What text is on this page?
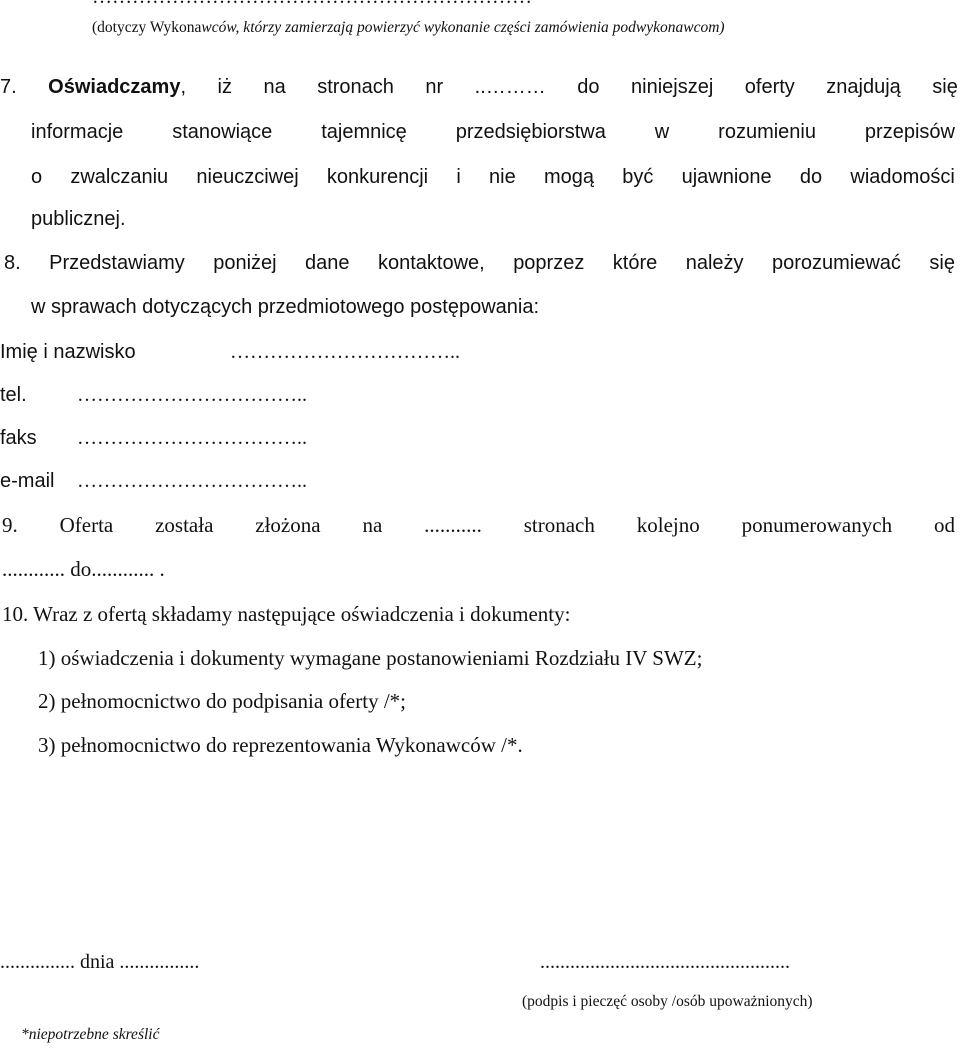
(dotyczy Wykonawców, którzy zamierzają powierzyć wykonanie części zamówienia podwykonawcom)
7. Oświadczamy, iż na stronach nr ..……… do niniejszej oferty znajdują się
informacje stanowiące tajemnicę przedsiębiorstwa w rozumieniu przepisów
o zwalczaniu nieuczciwej konkurencji i nie mogą być ujawnione do wiadomości
publicznej.
8. Przedstawiamy poniżej dane kontaktowe, poprzez które należy porozumiewać się
w sprawach dotyczących przedmiotowego postępowania:
Imię i nazwisko	……………………………..
tel.	……………………………..
faks ……………………………..
e-mail ……………………………..
9. Oferta została złożona na ........... stronach kolejno ponumerowanych od
............ do............ .
10. Wraz z ofertą składamy następujące oświadczenia i dokumenty:
1) oświadczenia i dokumenty wymagane postanowieniami Rozdziału IV SWZ;
2) pełnomocnictwo do podpisania oferty /*;
3) pełnomocnictwo do reprezentowania Wykonawców /*.
............... dnia ................	..................................................
(podpis i pieczęć osoby /osób upoważnionych)
*niepotrzebne skreślić
